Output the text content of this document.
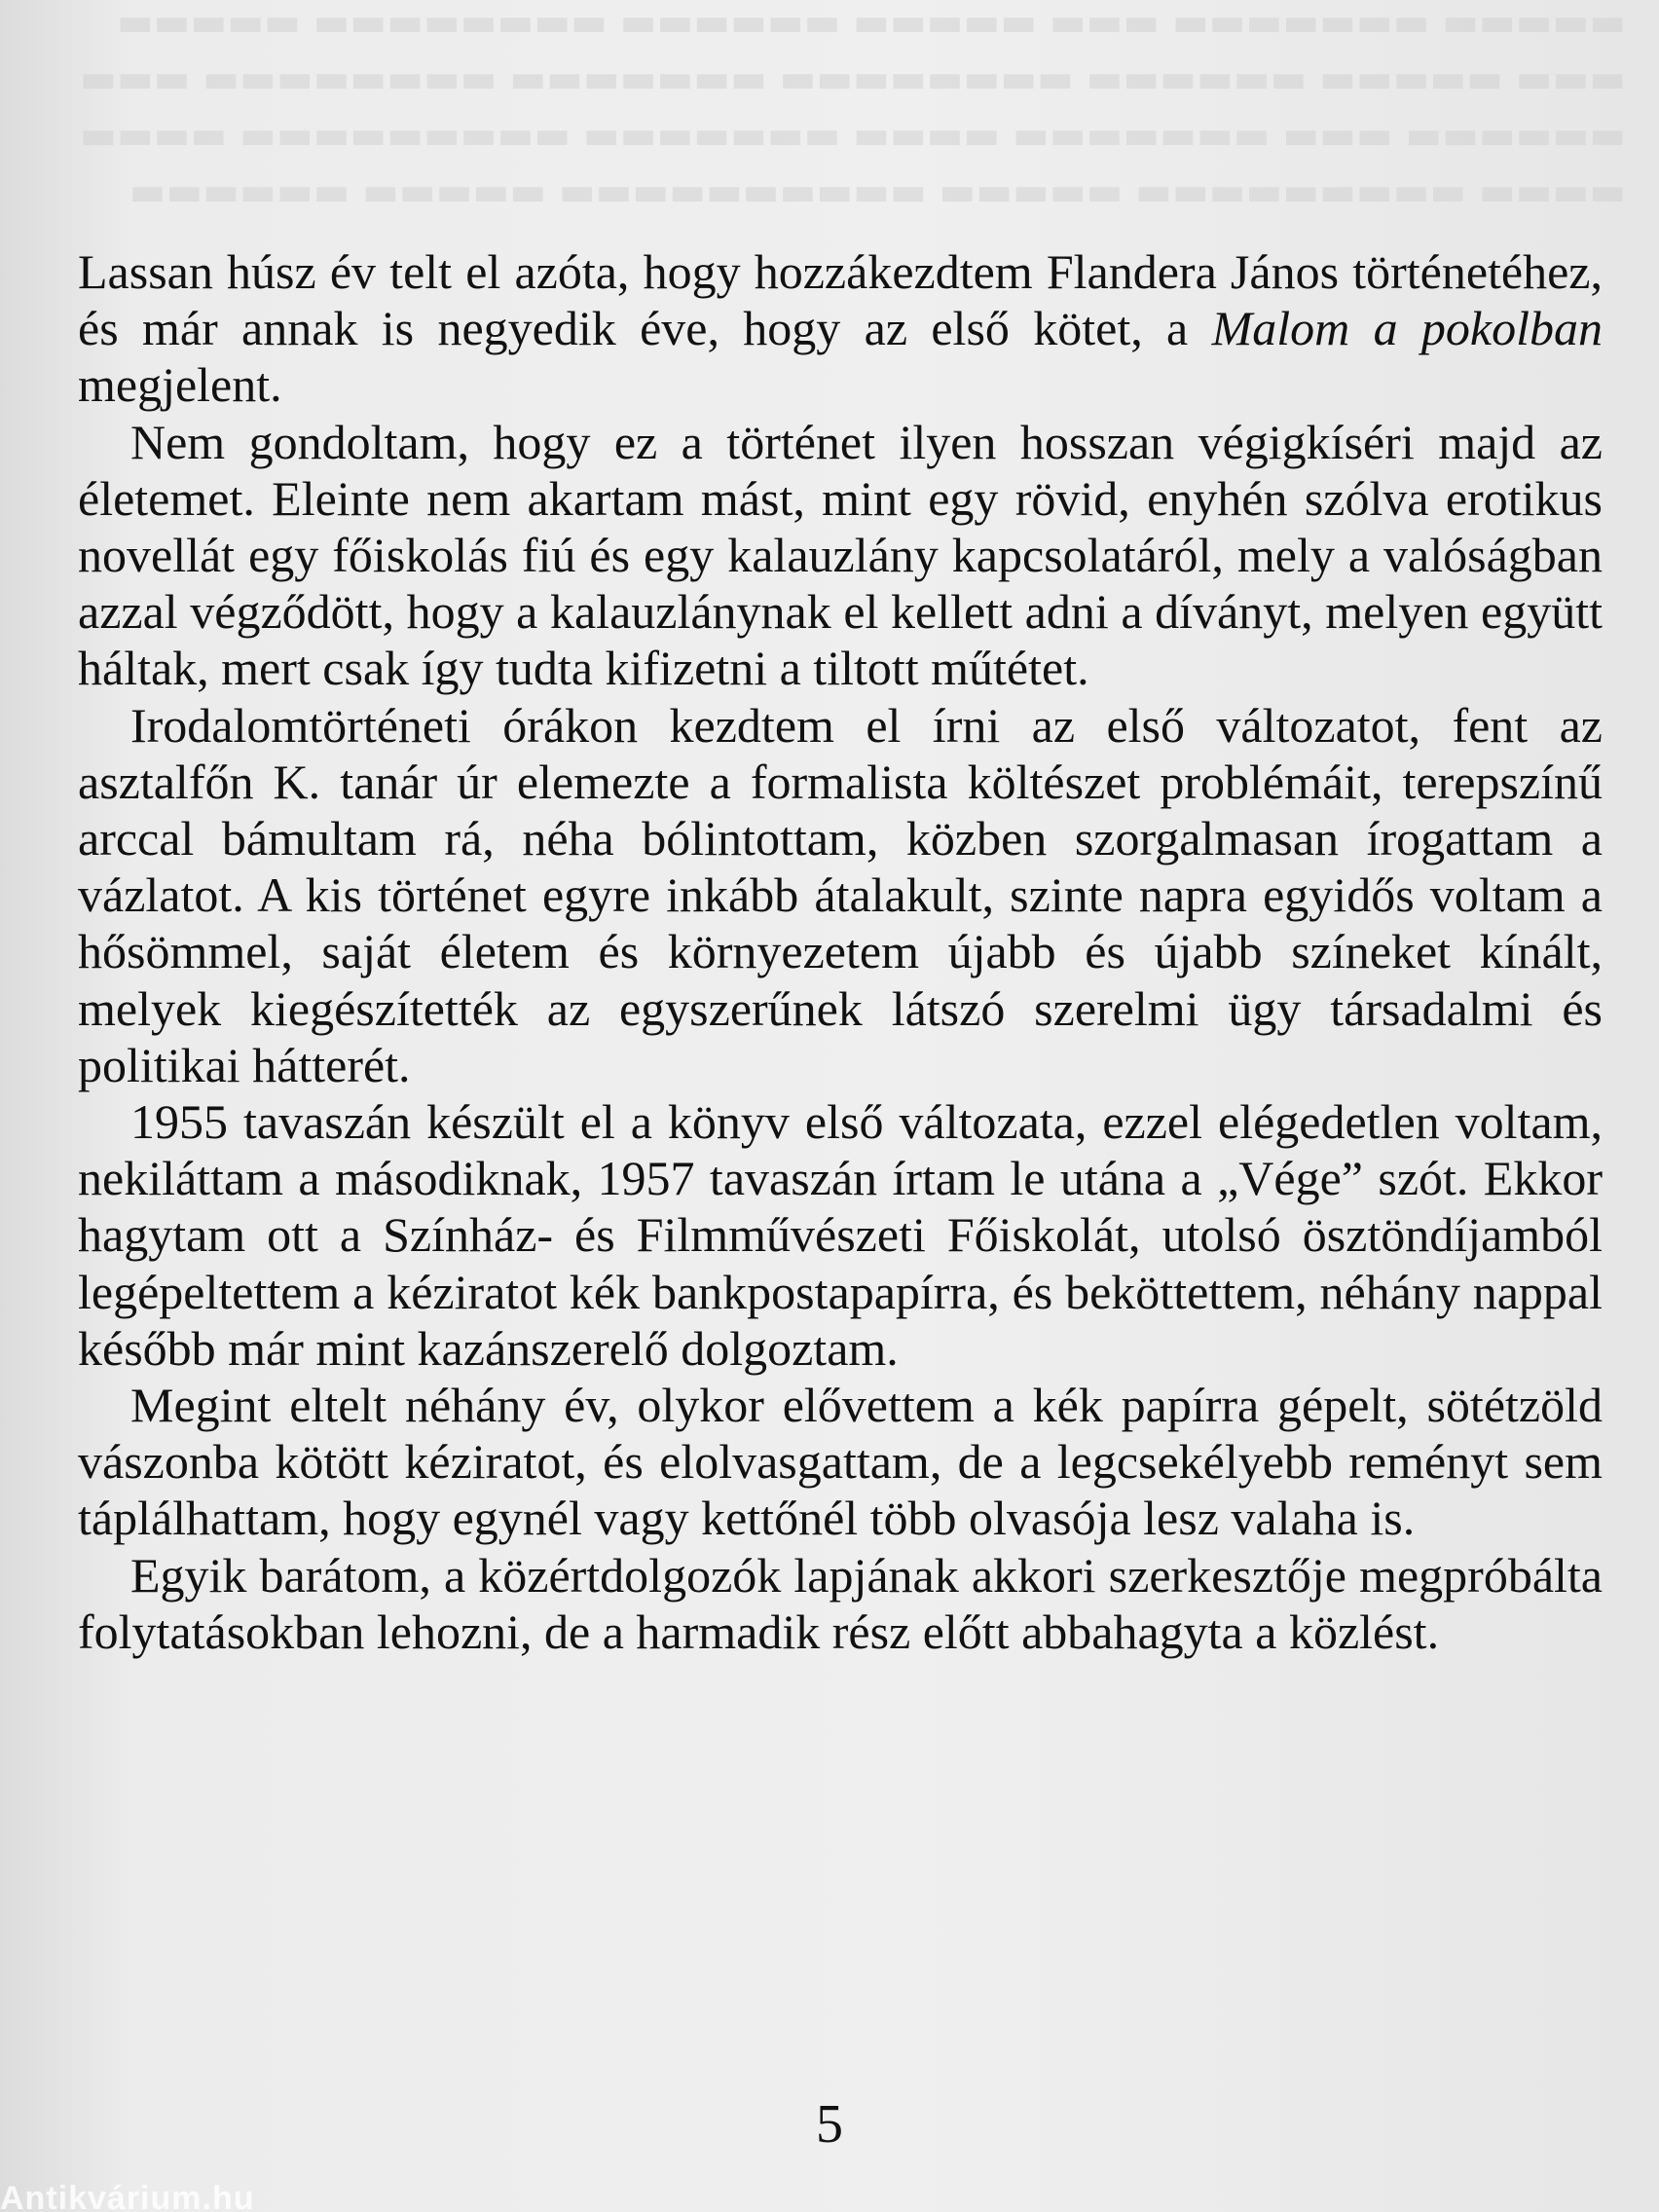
▬▬▬▬▬ ▬▬▬▬▬▬▬ ▬▬▬ ▬▬▬▬▬ ▬▬▬▬▬▬ ▬▬▬▬▬▬▬▬ ▬▬▬▬▬
▬▬▬ ▬▬▬▬▬ ▬▬▬▬▬▬ ▬▬▬▬▬▬▬▬ ▬▬▬▬▬▬▬ ▬▬▬▬▬▬▬▬ ▬▬▬
▬▬▬▬▬▬ ▬▬▬ ▬▬▬▬▬▬▬ ▬▬▬▬ ▬▬▬▬▬▬▬ ▬▬▬▬▬▬▬▬▬ ▬▬▬▬
▬▬▬▬ ▬▬▬▬▬▬▬▬▬ ▬▬▬▬▬ ▬▬▬▬▬▬▬▬▬▬ ▬▬▬▬▬ ▬▬▬▬▬▬

Lassan húsz év telt el azóta, hogy hozzákezdtem Flandera János történetéhez, és már annak is negyedik éve, hogy az első kötet, a Malom a pokolban megjelent.

Nem gondoltam, hogy ez a történet ilyen hosszan végigkíséri majd az életemet. Eleinte nem akartam mást, mint egy rövid, enyhén szólva erotikus novellát egy főiskolás fiú és egy kalauzlány kapcsolatáról, mely a valóságban azzal végződött, hogy a kalauzlánynak el kellett adni a díványt, melyen együtt háltak, mert csak így tudta kifizetni a tiltott műtétet.

Irodalomtörténeti órákon kezdtem el írni az első változatot, fent az asztalfőn K. tanár úr elemezte a formalista költészet problémáit, terepszínű arccal bámultam rá, néha bólintottam, közben szorgalmasan írogattam a vázlatot. A kis történet egyre inkább átalakult, szinte napra egyidős voltam a hősömmel, saját életem és környezetem újabb és újabb színeket kínált, melyek kiegészítették az egyszerűnek látszó szerelmi ügy társadalmi és politikai hátterét.

1955 tavaszán készült el a könyv első változata, ezzel elégedetlen voltam, nekiláttam a másodiknak, 1957 tavaszán írtam le utána a „Vége” szót. Ekkor hagytam ott a Színház- és Filmművészeti Főiskolát, utolsó ösztöndíjamból legépeltettem a kéziratot kék bankpostapapírra, és beköttettem, néhány nappal később már mint kazánszerelő dolgoztam.

Megint eltelt néhány év, olykor elővettem a kék papírra gépelt, sötétzöld vászonba kötött kéziratot, és elolvasgattam, de a legcsekélyebb reményt sem táplálhattam, hogy egynél vagy kettőnél több olvasója lesz valaha is.

Egyik barátom, a közértdolgozók lapjának akkori szerkesztője megpróbálta folytatásokban lehozni, de a harmadik rész előtt abbahagyta a közlést.

5
Antikvárium.hu
